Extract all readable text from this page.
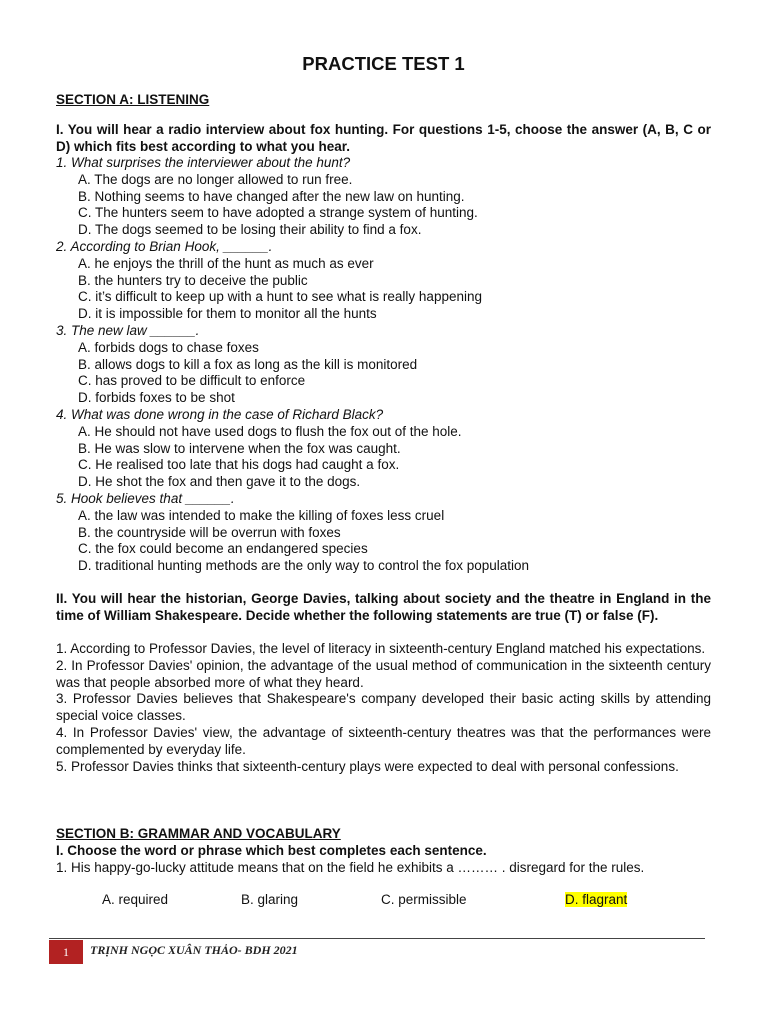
PRACTICE TEST 1
SECTION A: LISTENING
I. You will hear a radio interview about fox hunting. For questions 1-5, choose the answer (A, B, C or D) which fits best according to what you hear.
1. What surprises the interviewer about the hunt?
A. The dogs are no longer allowed to run free.
B. Nothing seems to have changed after the new law on hunting.
C. The hunters seem to have adopted a strange system of hunting.
D. The dogs seemed to be losing their ability to find a fox.
2. According to Brian Hook, ______.
A. he enjoys the thrill of the hunt as much as ever
B. the hunters try to deceive the public
C. it’s difficult to keep up with a hunt to see what is really happening
D. it is impossible for them to monitor all the hunts
3. The new law ______.
A. forbids dogs to chase foxes
B. allows dogs to kill a fox as long as the kill is monitored
C. has proved to be difficult to enforce
D. forbids foxes to be shot
4. What was done wrong in the case of Richard Black?
A. He should not have used dogs to flush the fox out of the hole.
B. He was slow to intervene when the fox was caught.
C. He realised too late that his dogs had caught a fox.
D. He shot the fox and then gave it to the dogs.
5. Hook believes that ______.
A. the law was intended to make the killing of foxes less cruel
B. the countryside will be overrun with foxes
C. the fox could become an endangered species
D. traditional hunting methods are the only way to control the fox population
II. You will hear the historian, George Davies, talking about society and the theatre in England in the time of William Shakespeare. Decide whether the following statements are true (T) or false (F).
1. According to Professor Davies, the level of literacy in sixteenth-century England matched his expectations.
2. In Professor Davies' opinion, the advantage of the usual method of communication in the sixteenth century was that people absorbed more of what they heard.
3. Professor Davies believes that Shakespeare's company developed their basic acting skills by attending special voice classes.
4. In Professor Davies' view, the advantage of sixteenth-century theatres was that the performances were complemented by everyday life.
5. Professor Davies thinks that sixteenth-century plays were expected to deal with personal confessions.
SECTION B: GRAMMAR AND VOCABULARY
I. Choose the word or phrase which best completes each sentence.
1. His happy-go-lucky attitude means that on the field he exhibits a ……… . disregard for the rules.
A. required	B. glaring	C. permissible	D. flagrant
1	TRỊNH NGỌC XUÂN THẢO- BDH 2021
